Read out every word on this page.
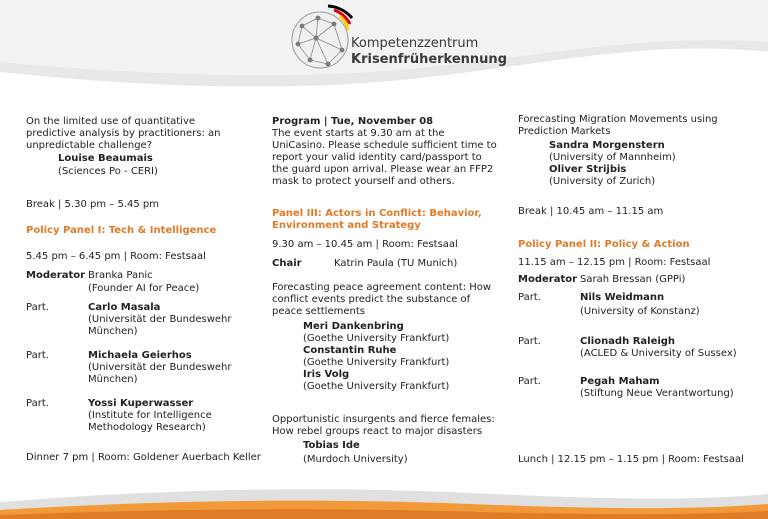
Kompetenzzentrum
Krisenfrüherkennung
On the limited use of quantitative predictive analysis by practitioners: an unpredictable challenge?
Louise Beaumais
(Sciences Po - CERI)
Break | 5.30 pm – 5.45 pm
Policy Panel I: Tech & Intelligence
5.45 pm – 6.45 pm | Room: Festsaal
Moderator Branka Panic
(Founder AI for Peace)
Part.	Carlo Masala
(Universität der Bundeswehr
München)
Part.	Michaela Geierhos
(Universität der Bundeswehr
München)
Part.	Yossi Kuperwasser
(Institute for Intelligence
Methodology Research)
Dinner 7 pm | Room: Goldener Auerbach Keller
Program | Tue, November 08
The event starts at 9.30 am at the UniCasino. Please schedule sufficient time to report your valid identity card/passport to the guard upon arrival. Please wear an FFP2 mask to protect yourself and others.
Panel III: Actors in Conflict: Behavior, Environment and Strategy
9.30 am – 10.45 am | Room: Festsaal
Chair	Katrin Paula (TU Munich)
Forecasting peace agreement content: How conflict events predict the substance of peace settlements
Meri Dankenbring
(Goethe University Frankfurt)
Constantin Ruhe
(Goethe University Frankfurt)
Iris Volg
(Goethe University Frankfurt)
Opportunistic insurgents and fierce females: How rebel groups react to major disasters
Tobias Ide
(Murdoch University)
Forecasting Migration Movements using Prediction Markets
Sandra Morgenstern
(University of Mannheim)
Oliver Strijbis
(University of Zurich)
Break | 10.45 am – 11.15 am
Policy Panel II: Policy & Action
11.15 am – 12.15 pm | Room: Festsaal
Moderator Sarah Bressan (GPPi)
Part.	Nils Weidmann
(University of Konstanz)
Part.	Clionadh Raleigh
(ACLED & University of Sussex)
Part.	Pegah Maham
(Stiftung Neue Verantwortung)
Lunch | 12.15 pm – 1.15 pm | Room: Festsaal
